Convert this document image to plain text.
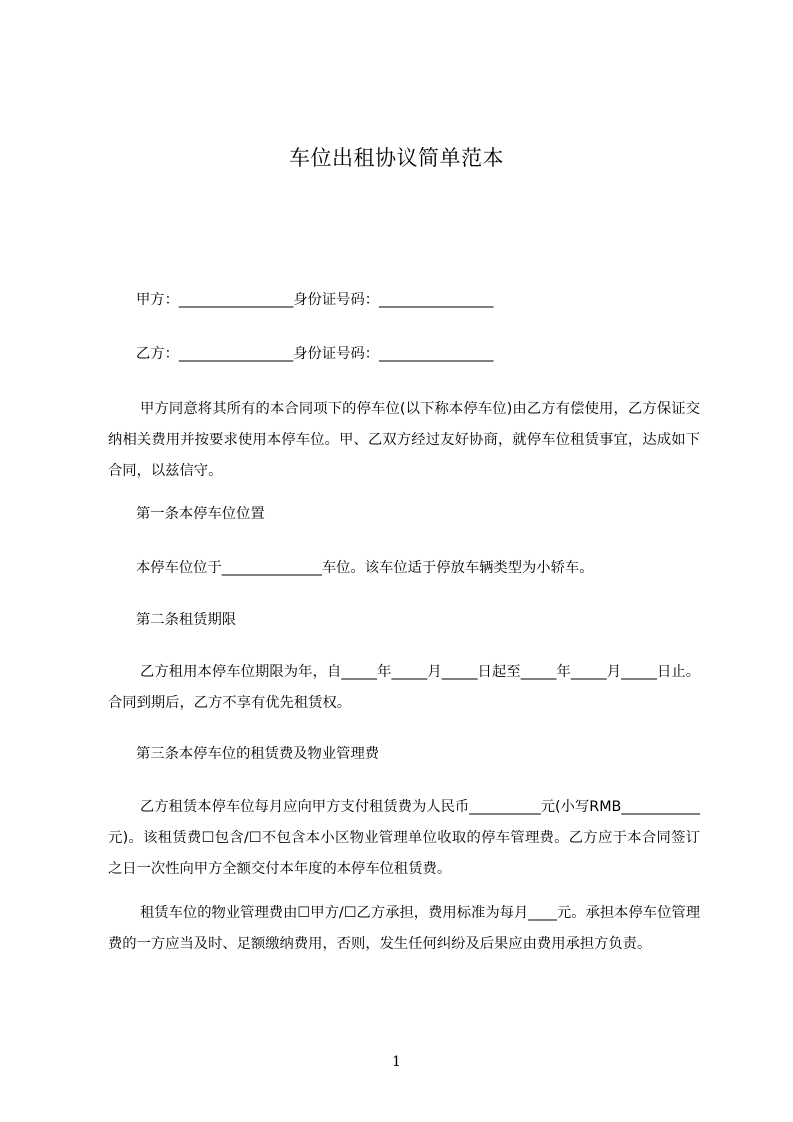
车位出租协议简单范本
甲方：________________身份证号码：________________
乙方：________________身份证号码：________________
甲方同意将其所有的本合同项下的停车位(以下称本停车位)由乙方有偿使用，乙方保证交纳相关费用并按要求使用本停车位。甲、乙双方经过友好协商，就停车位租赁事宜，达成如下合同，以兹信守。
第一条本停车位位置
本停车位位于______________车位。该车位适于停放车辆类型为小轿车。
第二条租赁期限
乙方租用本停车位期限为年，自_____年_____月_____日起至_____年_____月_____日止。合同到期后，乙方不享有优先租赁权。
第三条本停车位的租赁费及物业管理费
乙方租赁本停车位每月应向甲方支付租赁费为人民币__________元(小写RMB___________元)。该租赁费☐包含/☐不包含本小区物业管理单位收取的停车管理费。乙方应于本合同签订之日一次性向甲方全额交付本年度的本停车位租赁费。
租赁车位的物业管理费由☐甲方/☐乙方承担，费用标准为每月____元。承担本停车位管理费的一方应当及时、足额缴纳费用，否则，发生任何纠纷及后果应由费用承担方负责。
1
